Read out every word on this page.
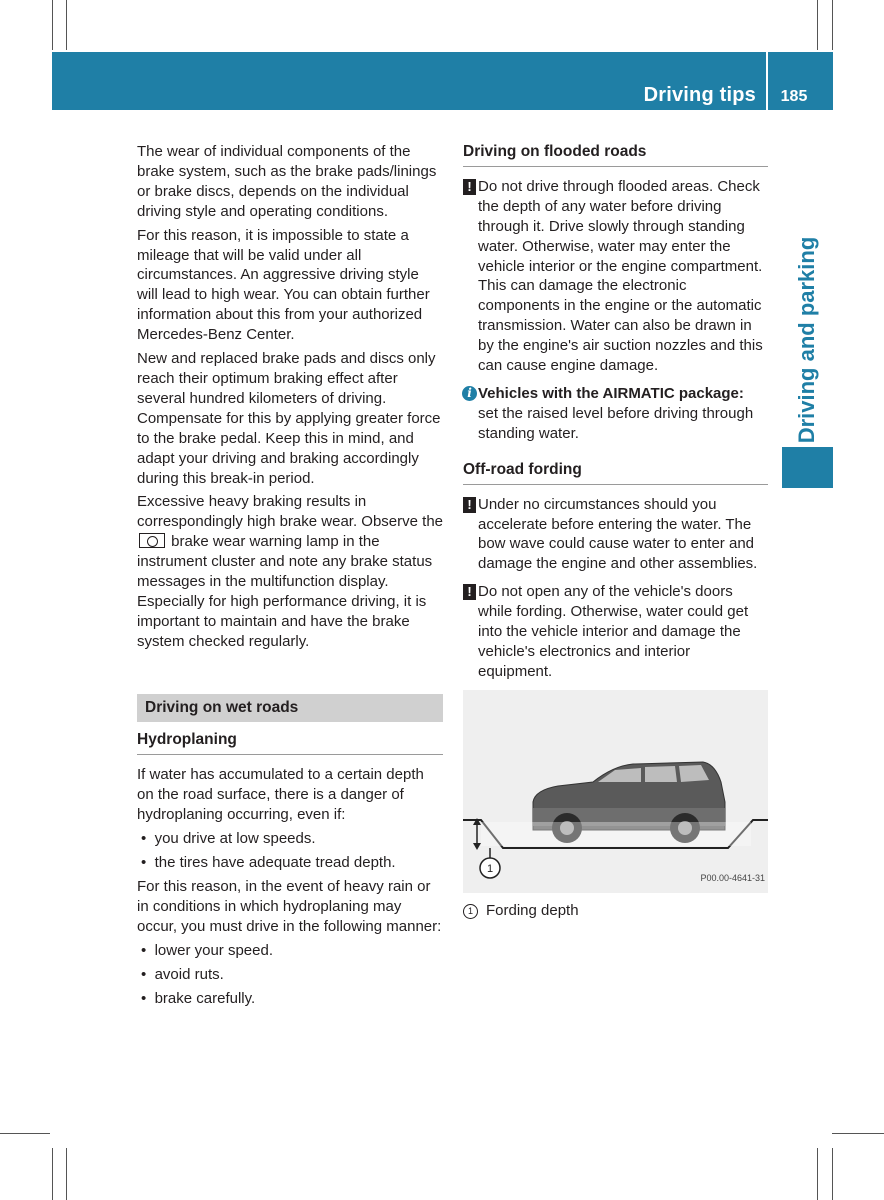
Driving tips	185
Driving and parking

The wear of individual components of the brake system, such as the brake pads/linings or brake discs, depends on the individual driving style and operating conditions.

For this reason, it is impossible to state a mileage that will be valid under all circumstances. An aggressive driving style will lead to high wear. You can obtain further information about this from your authorized Mercedes-Benz Center.

New and replaced brake pads and discs only reach their optimum braking effect after several hundred kilometers of driving. Compensate for this by applying greater force to the brake pedal. Keep this in mind, and adapt your driving and braking accordingly during this break-in period.

Excessive heavy braking results in correspondingly high brake wear. Observe the  brake wear warning lamp in the instrument cluster and note any brake status messages in the multifunction display. Especially for high performance driving, it is important to maintain and have the brake system checked regularly.

Driving on wet roads
Hydroplaning

If water has accumulated to a certain depth on the road surface, there is a danger of hydroplaning occurring, even if:

•  you drive at low speeds.
•  the tires have adequate tread depth.

For this reason, in the event of heavy rain or in conditions in which hydroplaning may occur, you must drive in the following manner:

•  lower your speed.
•  avoid ruts.
•  brake carefully.
Driving on flooded roads
! Do not drive through flooded areas. Check the depth of any water before driving through it. Drive slowly through standing water. Otherwise, water may enter the vehicle interior or the engine compartment. This can damage the electronic components in the engine or the automatic transmission. Water can also be drawn in by the engine's air suction nozzles and this can cause engine damage.
i Vehicles with the AIRMATIC package: set the raised level before driving through standing water.
Off-road fording
! Under no circumstances should you accelerate before entering the water. The bow wave could cause water to enter and damage the engine and other assemblies.
! Do not open any of the vehicle's doors while fording. Otherwise, water could get into the vehicle interior and damage the vehicle's electronics and interior equipment.
1
P00.00-4641-31
1 Fording depth
